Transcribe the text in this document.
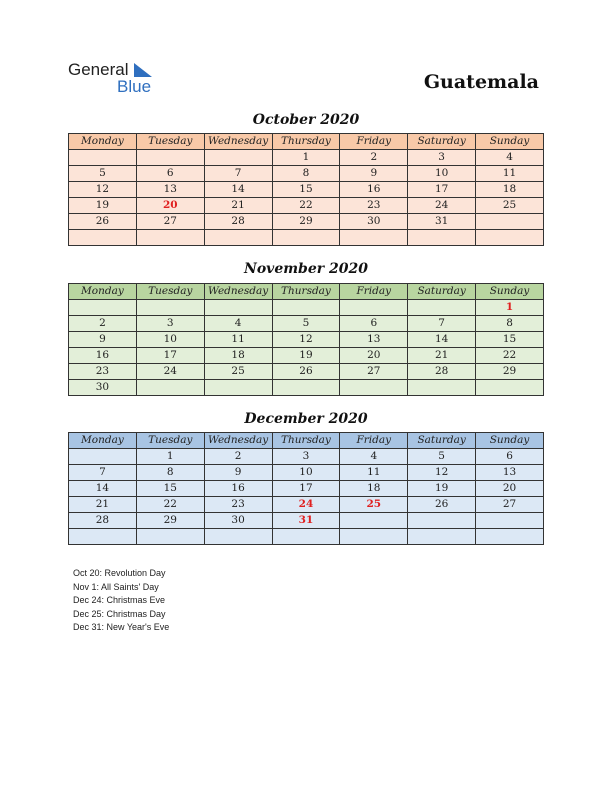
General
Blue	Guatemala
October 2020
Monday	Tuesday	Wednesday	Thursday	Friday	Saturday	Sunday
			1	2	3	4
5	6	7	8	9	10	11
12	13	14	15	16	17	18
19	20	21	22	23	24	25
26	27	28	29	30	31	

November 2020
Monday	Tuesday	Wednesday	Thursday	Friday	Saturday	Sunday
						1
2	3	4	5	6	7	8
9	10	11	12	13	14	15
16	17	18	19	20	21	22
23	24	25	26	27	28	29
30						
December 2020
Monday	Tuesday	Wednesday	Thursday	Friday	Saturday	Sunday
	1	2	3	4	5	6
7	8	9	10	11	12	13
14	15	16	17	18	19	20
21	22	23	24	25	26	27
28	29	30	31			

Oct 20: Revolution Day
Nov 1: All Saints' Day
Dec 24: Christmas Eve
Dec 25: Christmas Day
Dec 31: New Year's Eve
